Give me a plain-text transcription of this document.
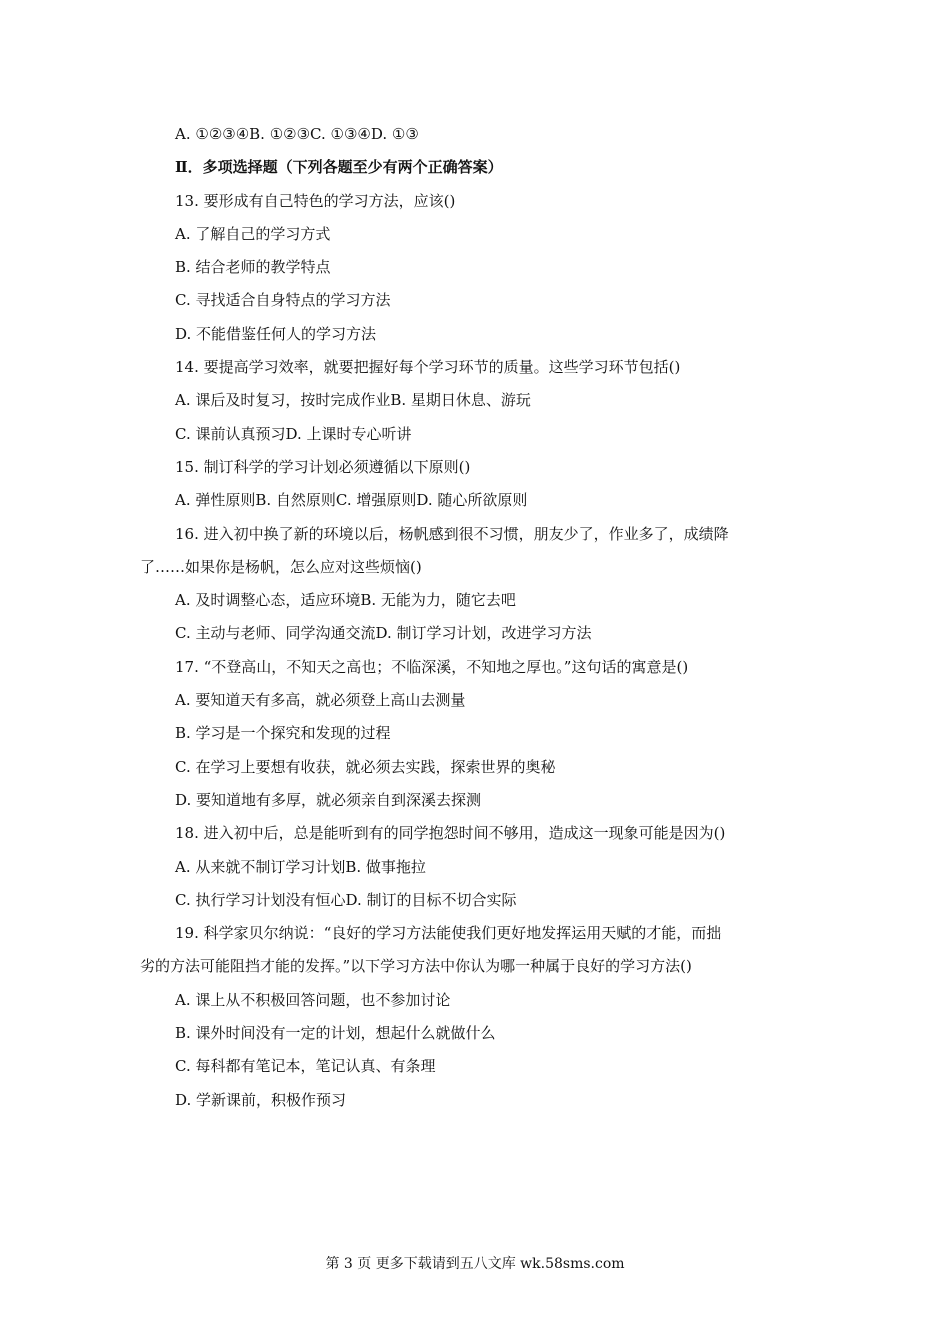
A. ①②③④B. ①②③C. ①③④D. ①③
Ⅱ．多项选择题（下列各题至少有两个正确答案）
13. 要形成有自己特色的学习方法，应该()
A. 了解自己的学习方式
B. 结合老师的教学特点
C. 寻找适合自身特点的学习方法
D. 不能借鉴任何人的学习方法
14. 要提高学习效率，就要把握好每个学习环节的质量。这些学习环节包括()
A. 课后及时复习，按时完成作业B. 星期日休息、游玩
C. 课前认真预习D. 上课时专心听讲
15. 制订科学的学习计划必须遵循以下原则()
A. 弹性原则B. 自然原则C. 增强原则D. 随心所欲原则
16. 进入初中换了新的环境以后，杨帆感到很不习惯，朋友少了，作业多了，成绩降
了……如果你是杨帆，怎么应对这些烦恼()
A. 及时调整心态，适应环境B. 无能为力，随它去吧
C. 主动与老师、同学沟通交流D. 制订学习计划，改进学习方法
17. “不登高山，不知天之高也；不临深溪，不知地之厚也。”这句话的寓意是()
A. 要知道天有多高，就必须登上高山去测量
B. 学习是一个探究和发现的过程
C. 在学习上要想有收获，就必须去实践，探索世界的奥秘
D. 要知道地有多厚，就必须亲自到深溪去探测
18. 进入初中后，总是能听到有的同学抱怨时间不够用，造成这一现象可能是因为()
A. 从来就不制订学习计划B. 做事拖拉
C. 执行学习计划没有恒心D. 制订的目标不切合实际
19. 科学家贝尔纳说：“良好的学习方法能使我们更好地发挥运用天赋的才能，而拙
劣的方法可能阻挡才能的发挥。”以下学习方法中你认为哪一种属于良好的学习方法()
A. 课上从不积极回答问题，也不参加讨论
B. 课外时间没有一定的计划，想起什么就做什么
C. 每科都有笔记本，笔记认真、有条理
D. 学新课前，积极作预习
第 3 页 更多下载请到五八文库 wk.58sms.com
